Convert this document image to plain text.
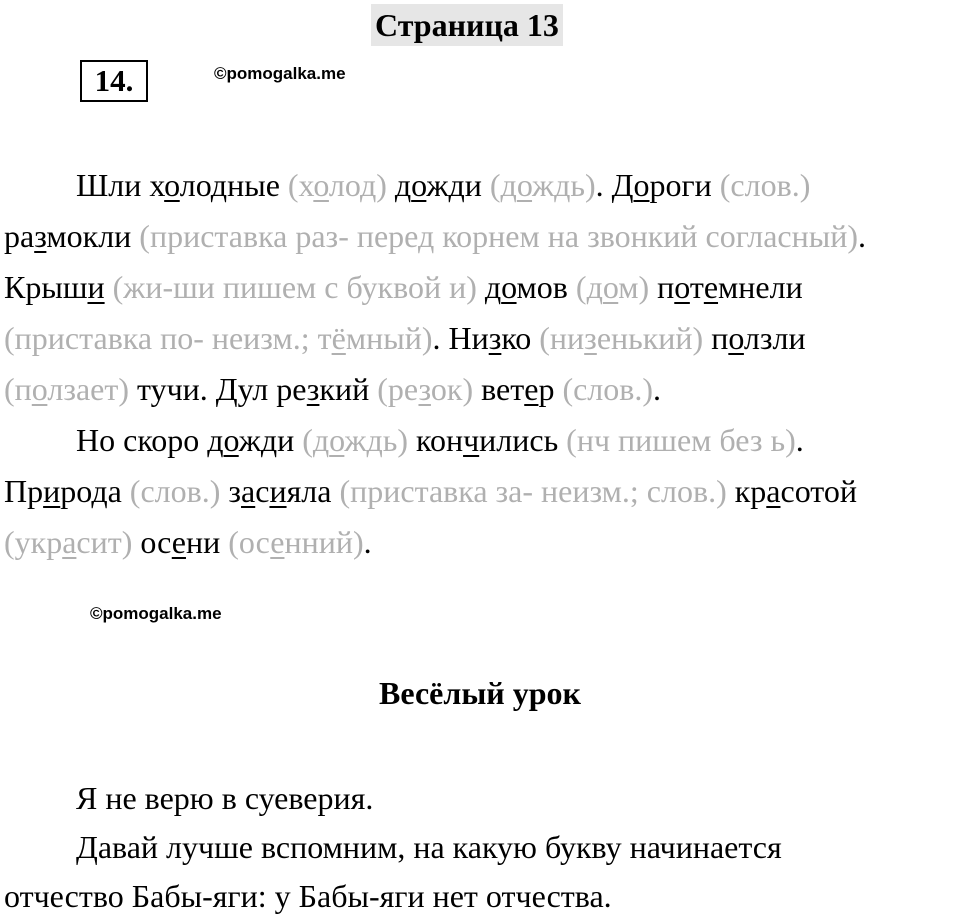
Страница 13
14.	©pomogalka.me
Шли холодные (холод) дожди (дождь). Дороги (слов.)
размокли (приставка раз- перед корнем на звонкий согласный).
Крыши (жи-ши пишем с буквой и) домов (дом) потемнели
(приставка по- неизм.; тёмный). Низко (низенький) ползли
(ползает) тучи. Дул резкий (резок) ветер (слов.).
Но скоро дожди (дождь) кончились (нч пишем без ь).
Природа (слов.) засияла (приставка за- неизм.; слов.) красотой
(украсит) осени (осенний).
©pomogalka.me
Весёлый урок
Я не верю в суеверия.
Давай лучше вспомним, на какую букву начинается
отчество Бабы-яги: у Бабы-яги нет отчества.
